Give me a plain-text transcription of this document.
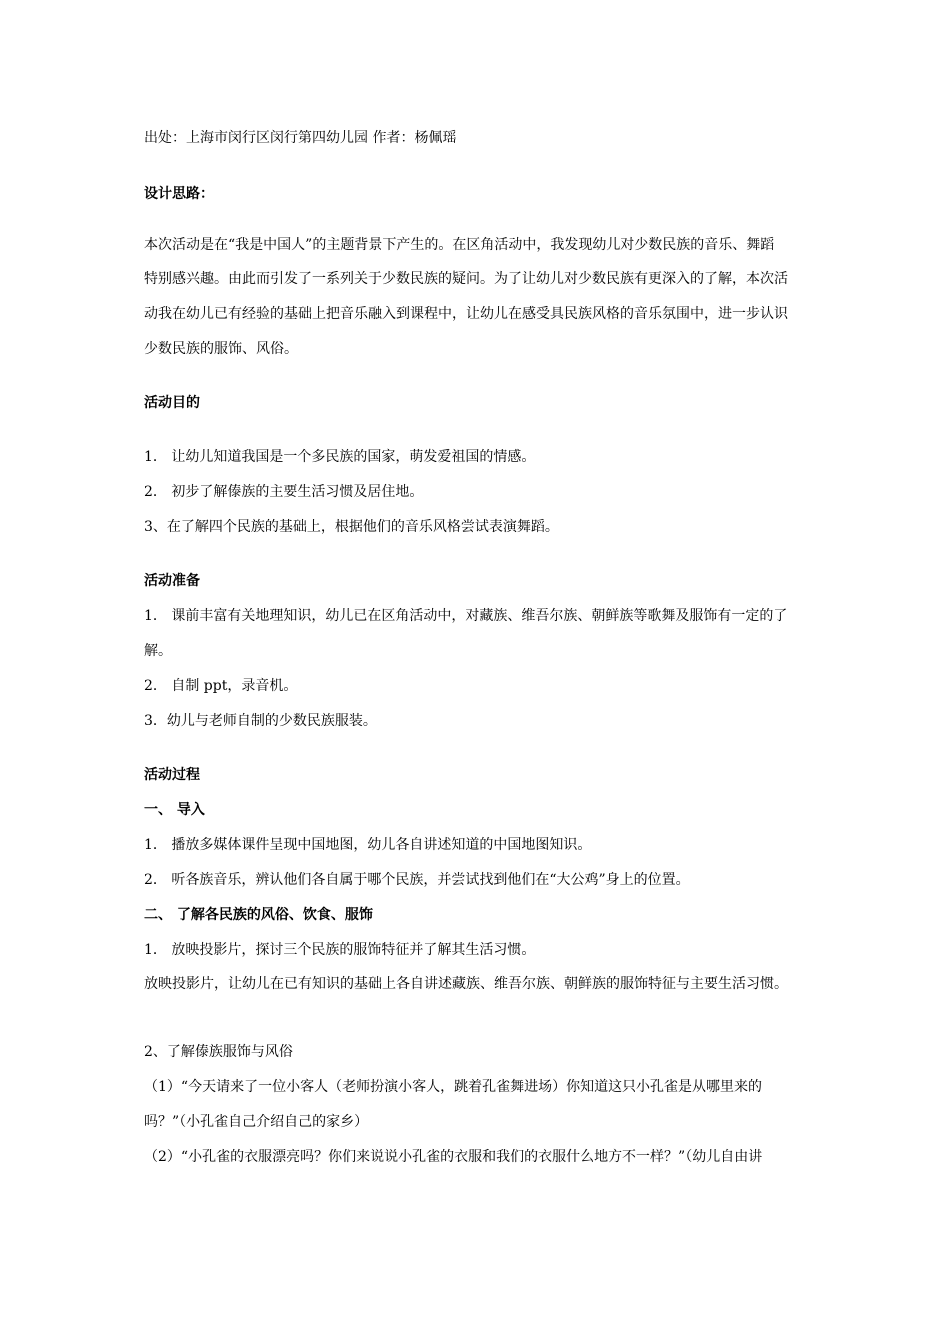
出处：上海市闵行区闵行第四幼儿园 作者：杨佩瑶
设计思路：
本次活动是在“我是中国人”的主题背景下产生的。在区角活动中，我发现幼儿对少数民族的音乐、舞蹈
特别感兴趣。由此而引发了一系列关于少数民族的疑问。为了让幼儿对少数民族有更深入的了解，本次活
动我在幼儿已有经验的基础上把音乐融入到课程中，让幼儿在感受具民族风格的音乐氛围中，进一步认识
少数民族的服饰、风俗。
活动目的
1． 让幼儿知道我国是一个多民族的国家，萌发爱祖国的情感。
2． 初步了解傣族的主要生活习惯及居住地。
3、在了解四个民族的基础上，根据他们的音乐风格尝试表演舞蹈。
活动准备
1． 课前丰富有关地理知识，幼儿已在区角活动中，对藏族、维吾尔族、朝鲜族等歌舞及服饰有一定的了
解。
2． 自制 ppt，录音机。
3．幼儿与老师自制的少数民族服装。
活动过程
一、 导入
1． 播放多媒体课件呈现中国地图，幼儿各自讲述知道的中国地图知识。
2． 听各族音乐，辨认他们各自属于哪个民族，并尝试找到他们在“大公鸡”身上的位置。
二、 了解各民族的风俗、饮食、服饰
1． 放映投影片，探讨三个民族的服饰特征并了解其生活习惯。
放映投影片，让幼儿在已有知识的基础上各自讲述藏族、维吾尔族、朝鲜族的服饰特征与主要生活习惯。
2、了解傣族服饰与风俗
（1）“今天请来了一位小客人（老师扮演小客人，跳着孔雀舞进场）你知道这只小孔雀是从哪里来的
吗？”（小孔雀自己介绍自己的家乡）
（2）“小孔雀的衣服漂亮吗？你们来说说小孔雀的衣服和我们的衣服什么地方不一样？”（幼儿自由讲
